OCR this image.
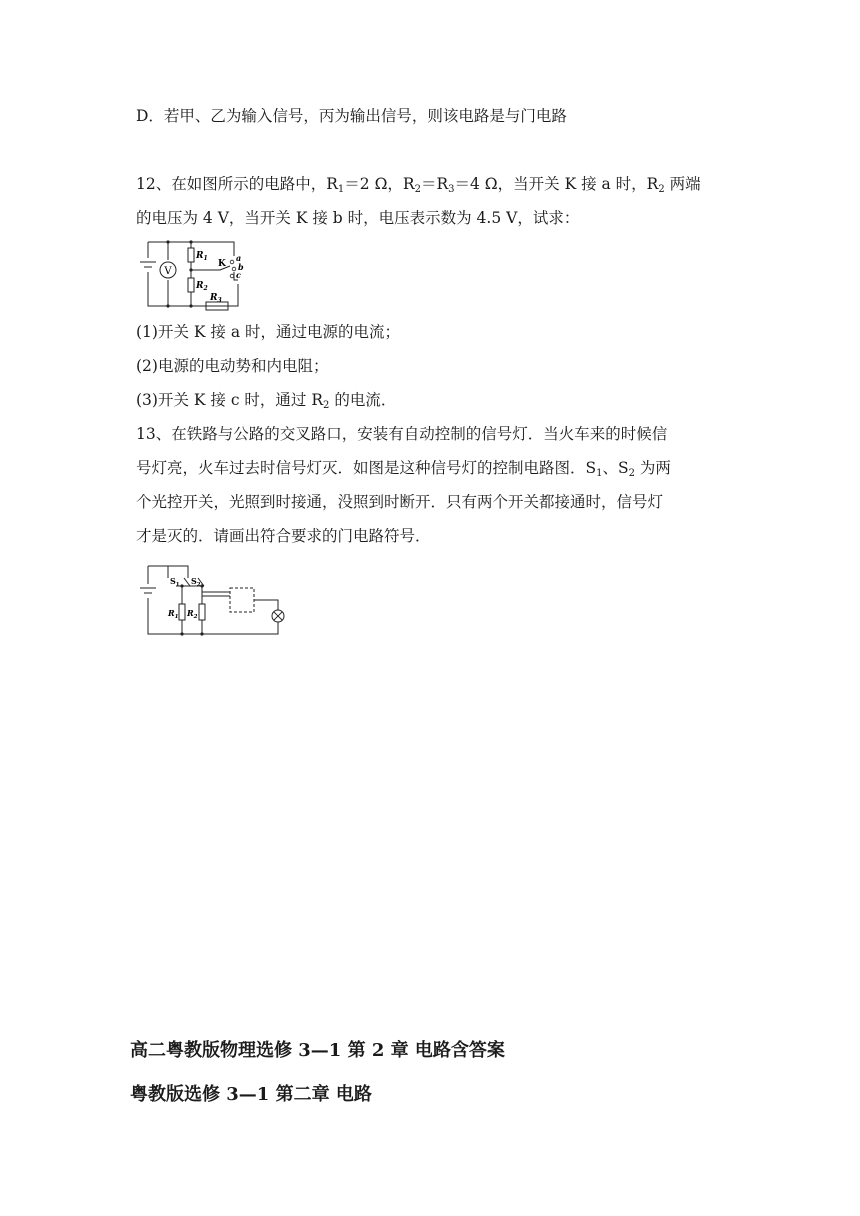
D．若甲、乙为输入信号，丙为输出信号，则该电路是与门电路
12、在如图所示的电路中，$R_1=2$ Ω，$R_2=R_3=4$ Ω，当开关 K 接 a 时，$R_2$ 两端
的电压为 4 V，当开关 K 接 b 时，电压表示数为 4.5 V，试求：
V
$R_1$
$R_2$
$R_3$
K
a
b
c
(1)开关 K 接 a 时，通过电源的电流；
(2)电源的电动势和内电阻；
(3)开关 K 接 c 时，通过 $R_2$ 的电流．
13、在铁路与公路的交叉路口，安装有自动控制的信号灯．当火车来的时候信
号灯亮，火车过去时信号灯灭．如图是这种信号灯的控制电路图．$S_1$、$S_2$ 为两
个光控开关，光照到时接通，没照到时断开．只有两个开关都接通时，信号灯
才是灭的．请画出符合要求的门电路符号．
$S_1$ $S_2$
$R_1$ $R_2$
高二粤教版物理选修 3—1 第 2 章 电路含答案
粤教版选修 3—1 第二章 电路
